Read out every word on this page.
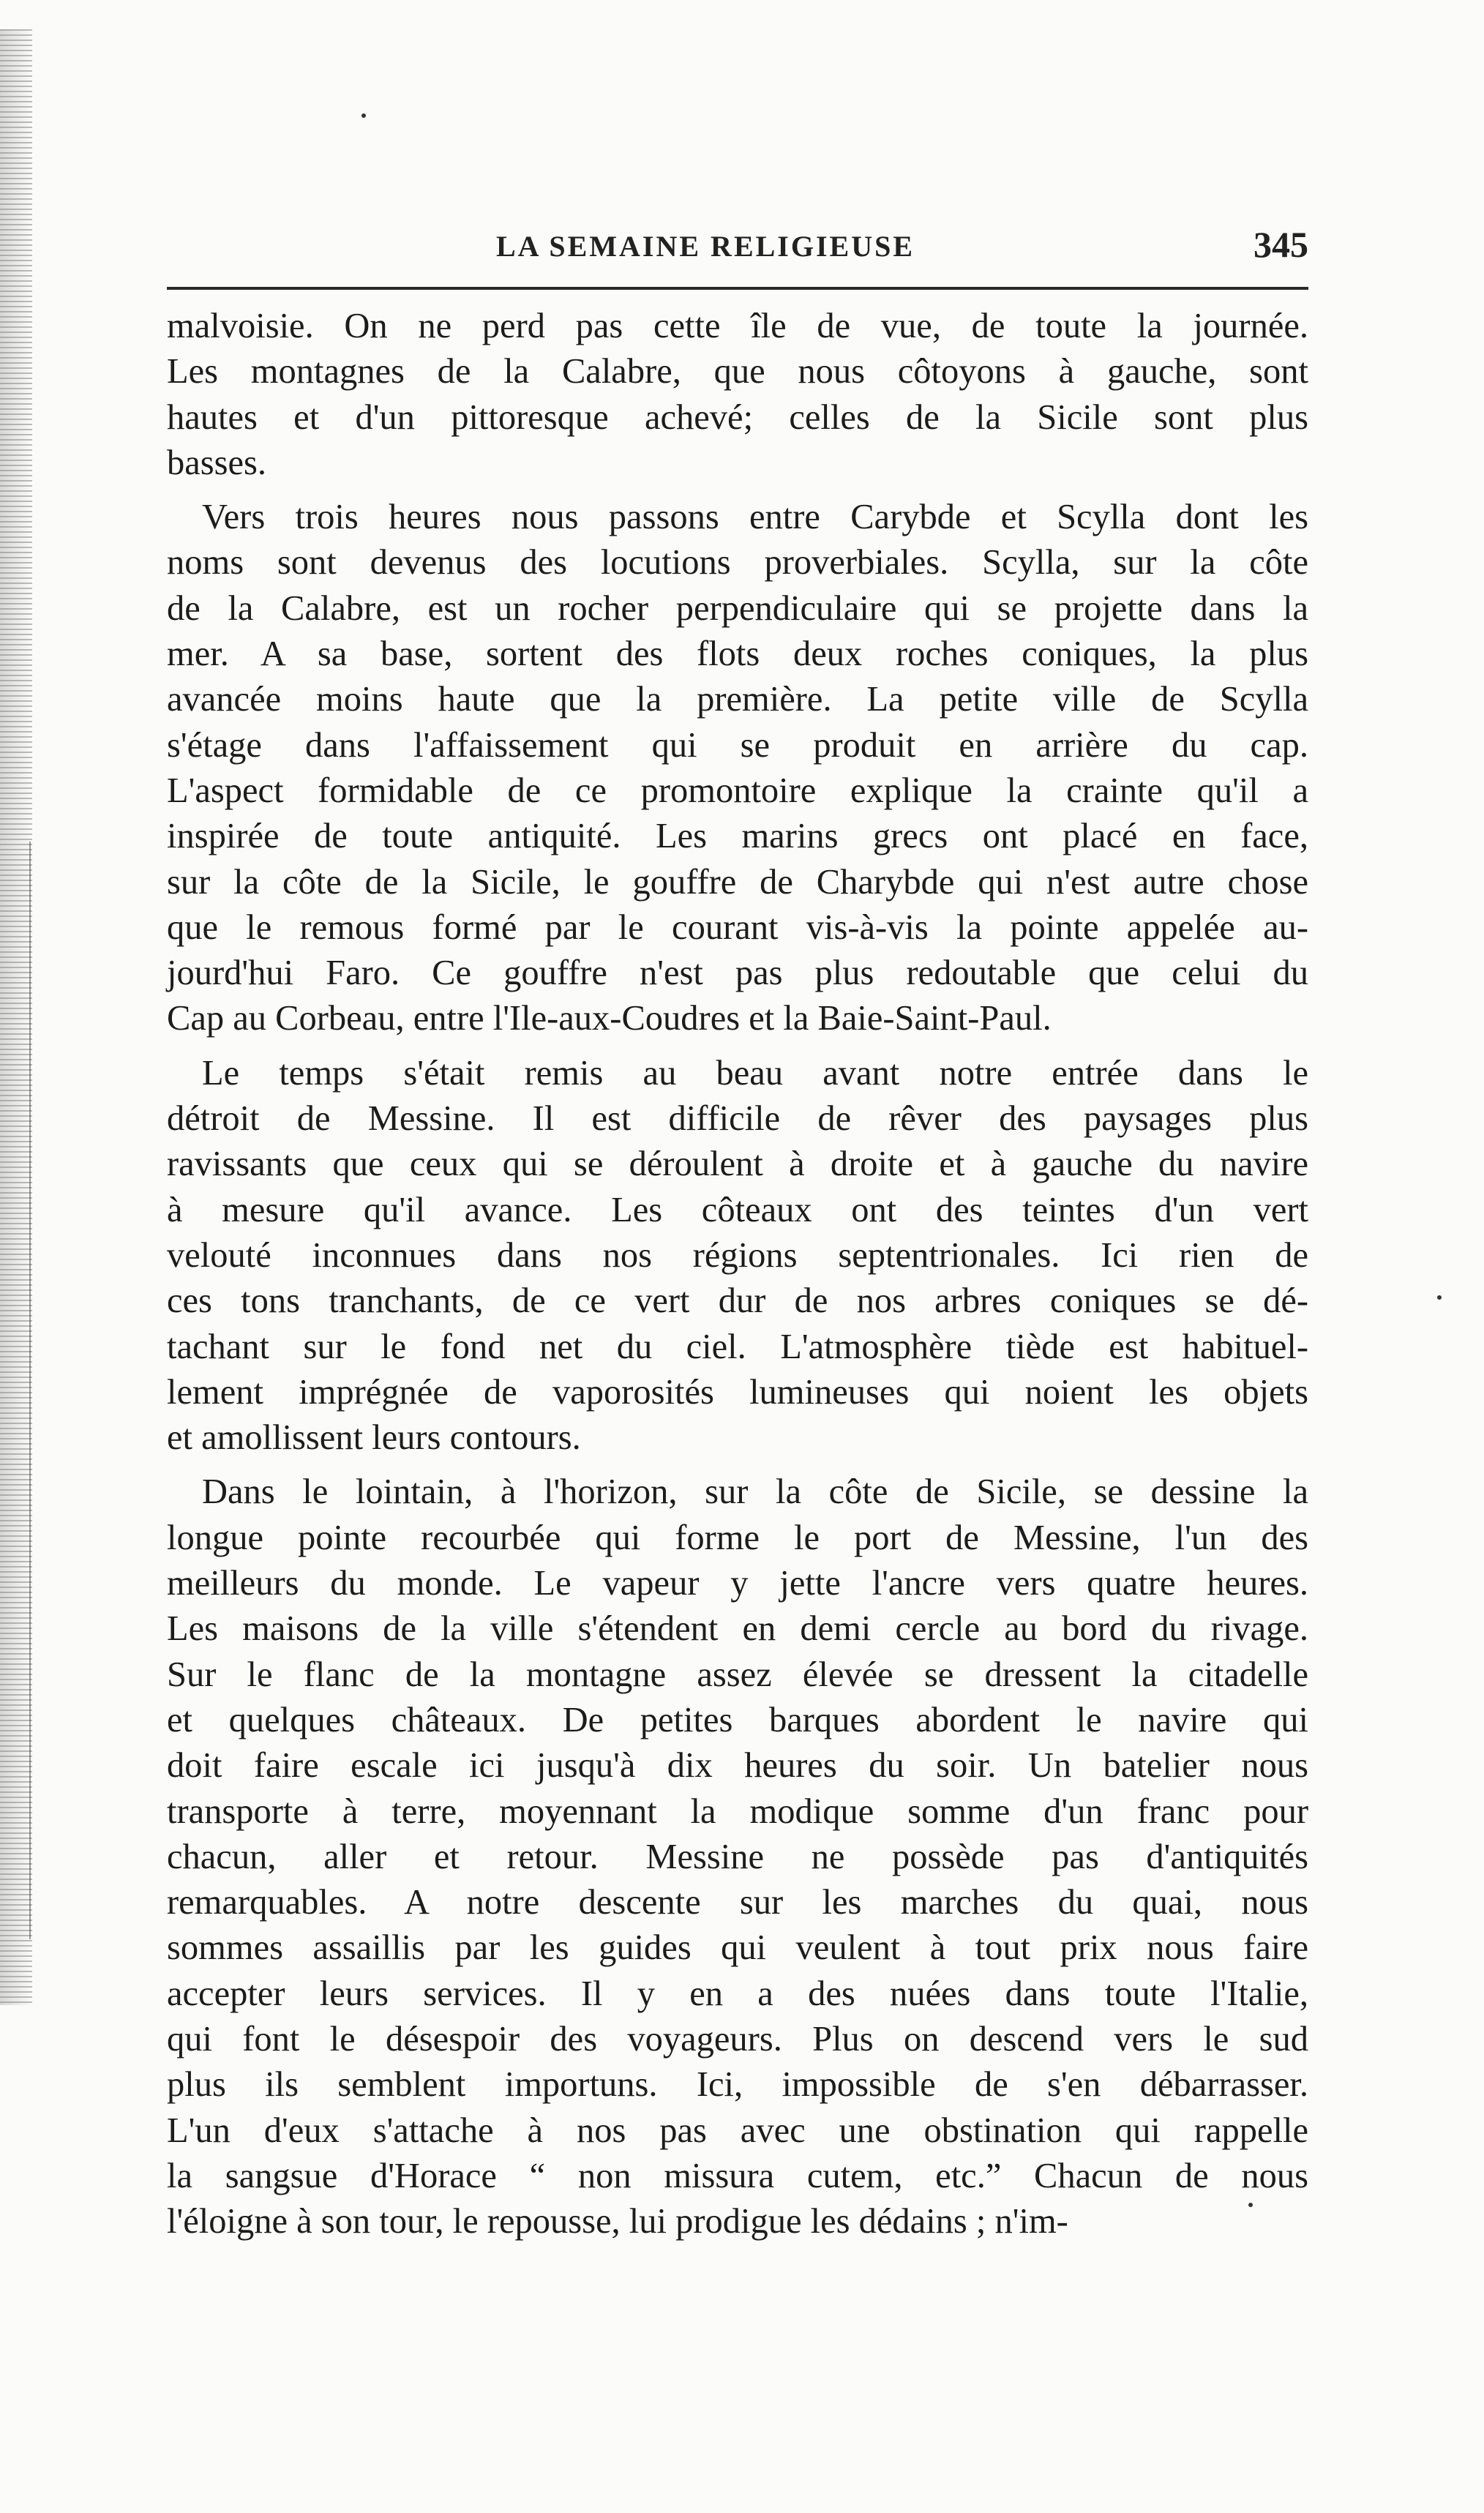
LA SEMAINE RELIGIEUSE	345

malvoisie. On ne perd pas cette île de vue, de toute la journée.
Les montagnes de la Calabre, que nous côtoyons à gauche, sont
hautes et d'un pittoresque achevé; celles de la Sicile sont plus
basses.

Vers trois heures nous passons entre Carybde et Scylla dont les
noms sont devenus des locutions proverbiales. Scylla, sur la côte
de la Calabre, est un rocher perpendiculaire qui se projette dans la
mer. A sa base, sortent des flots deux roches coniques, la plus
avancée moins haute que la première. La petite ville de Scylla
s'étage dans l'affaissement qui se produit en arrière du cap.
L'aspect formidable de ce promontoire explique la crainte qu'il a
inspirée de toute antiquité. Les marins grecs ont placé en face,
sur la côte de la Sicile, le gouffre de Charybde qui n'est autre chose
que le remous formé par le courant vis-à-vis la pointe appelée au-
jourd'hui Faro. Ce gouffre n'est pas plus redoutable que celui du
Cap au Corbeau, entre l'Ile-aux-Coudres et la Baie-Saint-Paul.

Le temps s'était remis au beau avant notre entrée dans le
détroit de Messine. Il est difficile de rêver des paysages plus
ravissants que ceux qui se déroulent à droite et à gauche du navire
à mesure qu'il avance. Les côteaux ont des teintes d'un vert
velouté inconnues dans nos régions septentrionales. Ici rien de
ces tons tranchants, de ce vert dur de nos arbres coniques se dé-
tachant sur le fond net du ciel. L'atmosphère tiède est habituel-
lement imprégnée de vaporosités lumineuses qui noient les objets
et amollissent leurs contours.

Dans le lointain, à l'horizon, sur la côte de Sicile, se dessine la
longue pointe recourbée qui forme le port de Messine, l'un des
meilleurs du monde. Le vapeur y jette l'ancre vers quatre heures.
Les maisons de la ville s'étendent en demi cercle au bord du rivage.
Sur le flanc de la montagne assez élevée se dressent la citadelle
et quelques châteaux. De petites barques abordent le navire qui
doit faire escale ici jusqu'à dix heures du soir. Un batelier nous
transporte à terre, moyennant la modique somme d'un franc pour
chacun, aller et retour. Messine ne possède pas d'antiquités
remarquables. A notre descente sur les marches du quai, nous
sommes assaillis par les guides qui veulent à tout prix nous faire
accepter leurs services. Il y en a des nuées dans toute l'Italie,
qui font le désespoir des voyageurs. Plus on descend vers le sud
plus ils semblent importuns. Ici, impossible de s'en débarrasser.
L'un d'eux s'attache à nos pas avec une obstination qui rappelle
la sangsue d'Horace “ non missura cutem, etc.” Chacun de nous
l'éloigne à son tour, le repousse, lui prodigue les dédains ; n'im-
